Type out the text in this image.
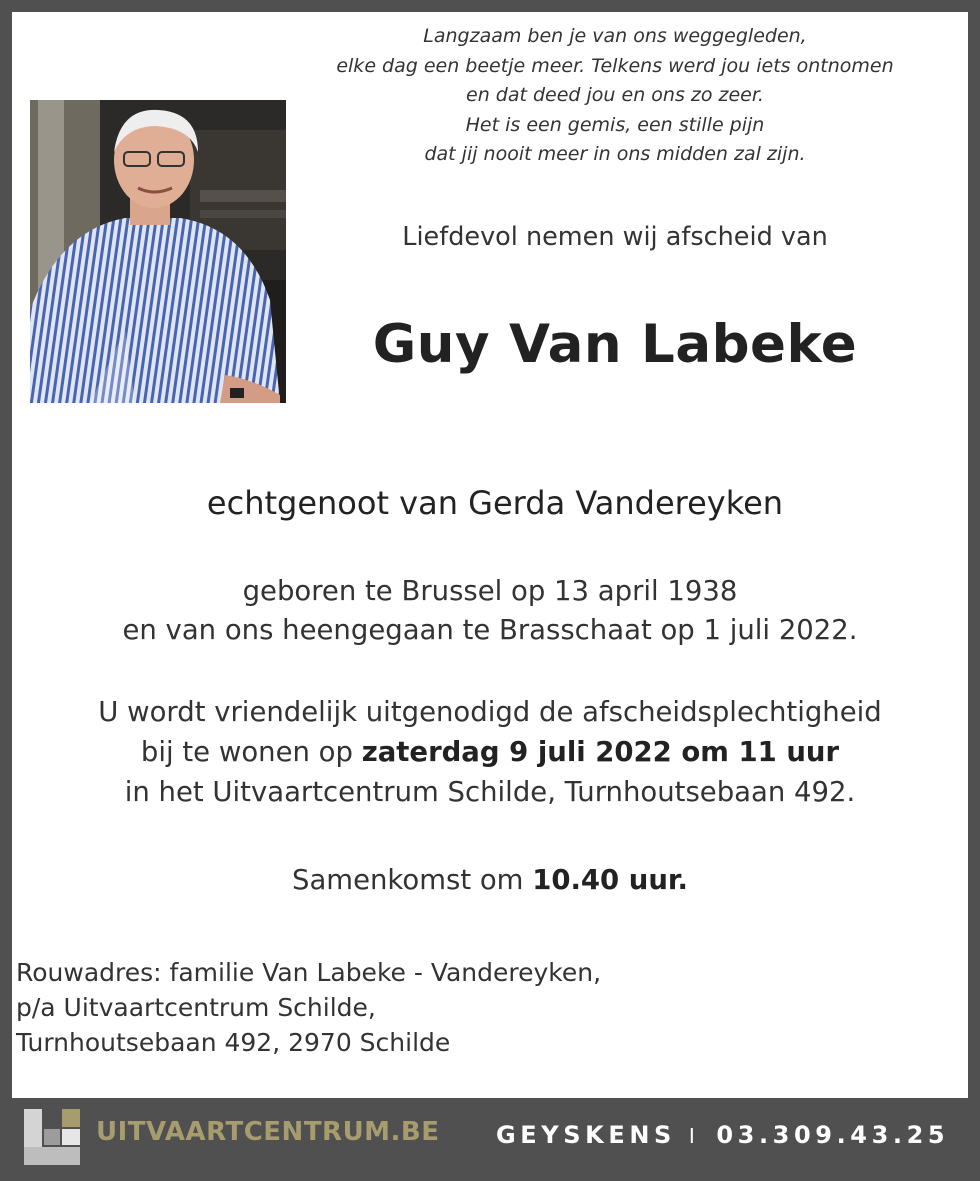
Langzaam ben je van ons weggegleden,
elke dag een beetje meer. Telkens werd jou iets ontnomen
en dat deed jou en ons zo zeer.
Het is een gemis, een stille pijn
dat jij nooit meer in ons midden zal zijn.
Liefdevol nemen wij afscheid van
Guy Van Labeke
echtgenoot van Gerda Vandereyken
geboren te Brussel op 13 april 1938
en van ons heengegaan te Brasschaat op 1 juli 2022.
U wordt vriendelijk uitgenodigd de afscheidsplechtigheid
bij te wonen op zaterdag 9 juli 2022 om 11 uur
in het Uitvaartcentrum Schilde, Turnhoutsebaan 492.
Samenkomst om 10.40 uur.
Rouwadres: familie Van Labeke - Vandereyken,
p/a Uitvaartcentrum Schilde,
Turnhoutsebaan 492, 2970 Schilde
UITVAARTCENTRUM.BE GEYSKENS I 03.309.43.25
